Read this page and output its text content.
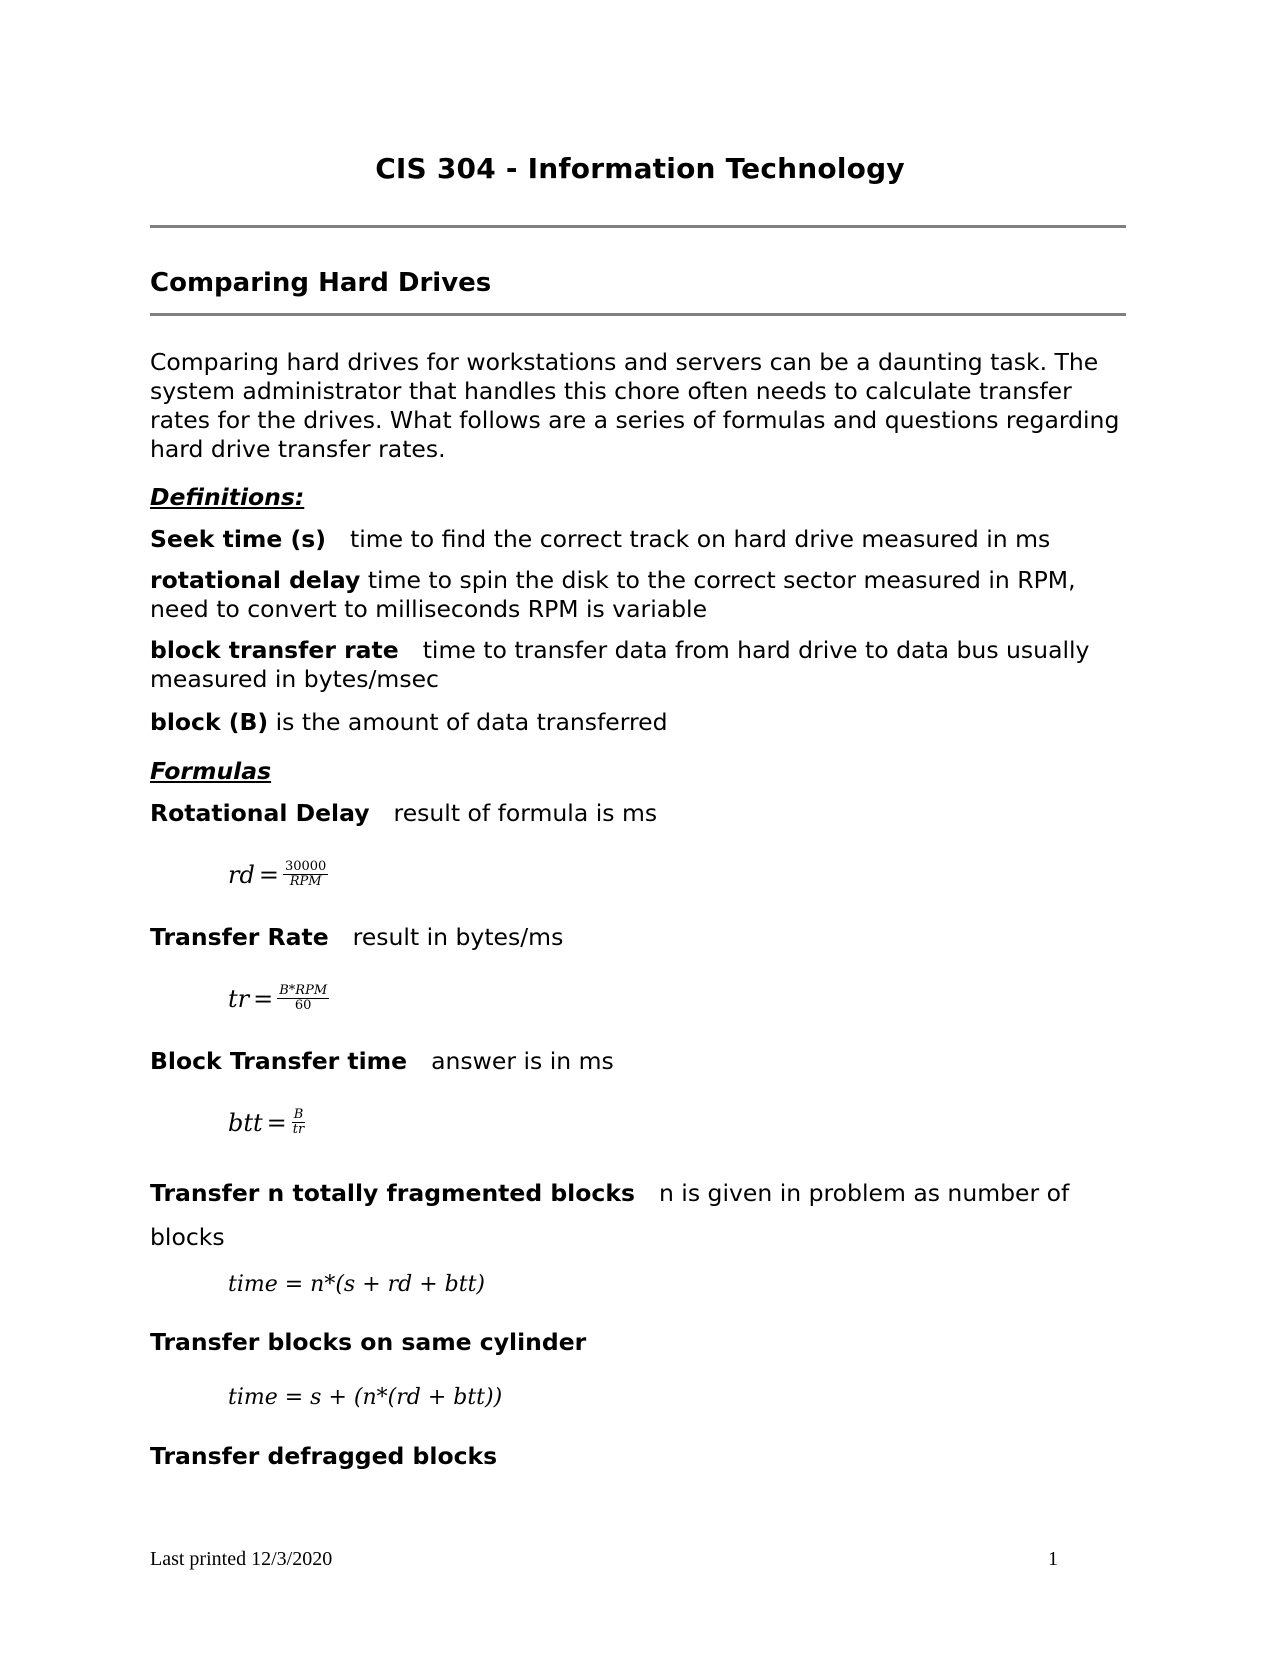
CIS 304 - Information Technology
Comparing Hard Drives

Comparing hard drives for workstations and servers can be a daunting task. The system administrator that handles this chore often needs to calculate transfer rates for the drives. What follows are a series of formulas and questions regarding hard drive transfer rates.

Definitions:

Seek time (s) time to find the correct track on hard drive measured in ms

rotational delay time to spin the disk to the correct sector measured in RPM, need to convert to milliseconds RPM is variable

block transfer rate time to transfer data from hard drive to data bus usually measured in bytes/msec

block (B) is the amount of data transferred

Formulas

Rotational Delay result of formula is ms

rd = $\frac{30000}{\text{RPM}}$

Transfer Rate result in bytes/ms

tr = $\frac{\text{B*RPM}}{60}$

Block Transfer time answer is in ms

btt = $\frac{B}{tr}$

Transfer n totally fragmented blocks n is given in problem as number of blocks

time = n*(s + rd + btt)

Transfer blocks on same cylinder

time = s + (n*(rd + btt))

Transfer defragged blocks

Last printed 12/3/2020	1
